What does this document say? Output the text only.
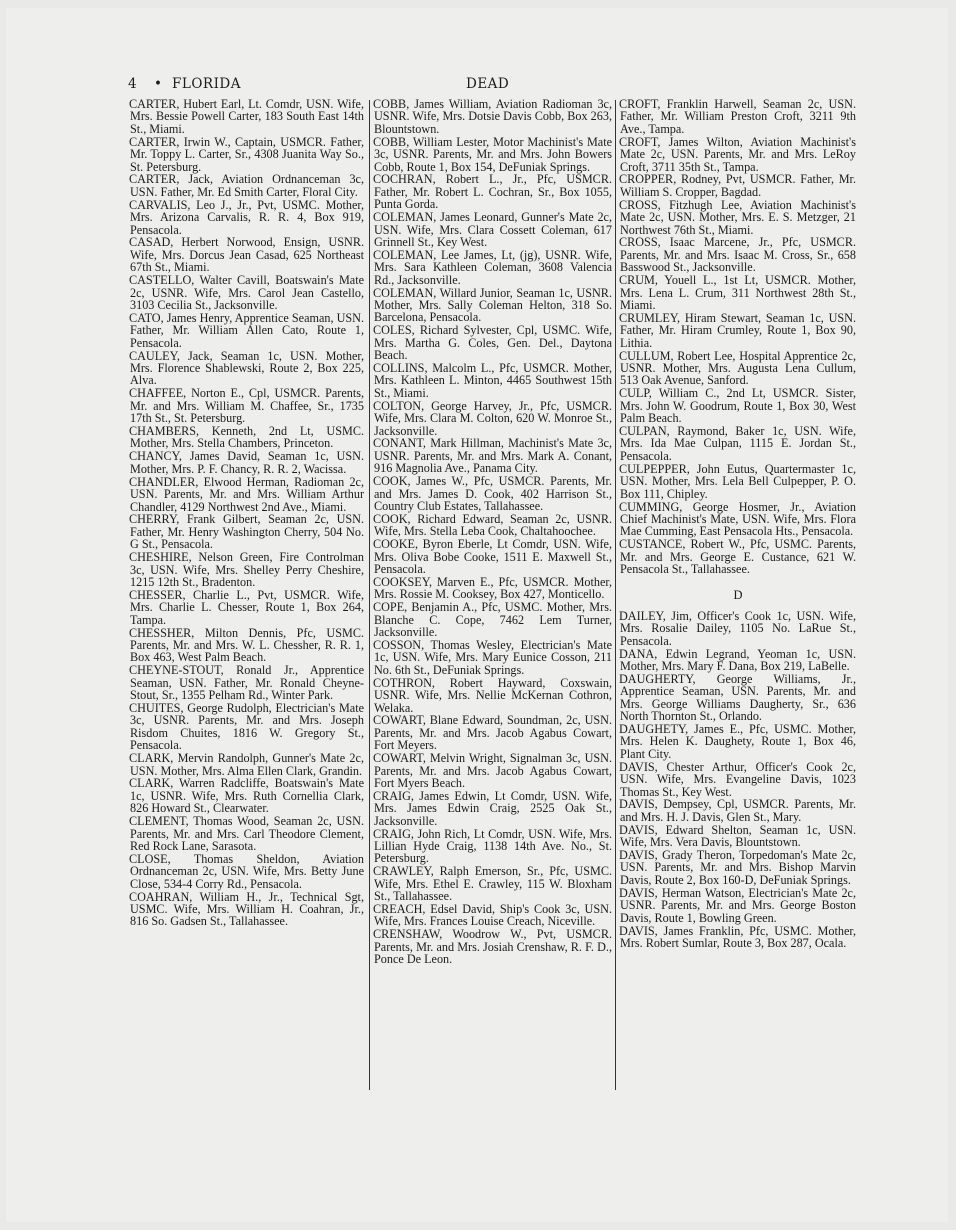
4 • FLORIDA	DEAD
CARTER, Hubert Earl, Lt. Comdr, USN. Wife, Mrs. Bessie Powell Carter, 183 South East 14th St., Miami.
CARTER, Irwin W., Captain, USMCR. Father, Mr. Toppy L. Carter, Sr., 4308 Juanita Way So., St. Petersburg.
CARTER, Jack, Aviation Ordnanceman 3c, USN. Father, Mr. Ed Smith Carter, Floral City.
CARVALIS, Leo J., Jr., Pvt, USMC. Mother, Mrs. Arizona Carvalis, R. R. 4, Box 919, Pensacola.
CASAD, Herbert Norwood, Ensign, USNR. Wife, Mrs. Dorcus Jean Casad, 625 Northeast 67th St., Miami.
CASTELLO, Walter Cavill, Boatswain's Mate 2c, USNR. Wife, Mrs. Carol Jean Castello, 3103 Cecilia St., Jacksonville.
CATO, James Henry, Apprentice Seaman, USN. Father, Mr. William Allen Cato, Route 1, Pensacola.
CAULEY, Jack, Seaman 1c, USN. Mother, Mrs. Florence Shablewski, Route 2, Box 225, Alva.
CHAFFEE, Norton E., Cpl, USMCR. Parents, Mr. and Mrs. William M. Chaffee, Sr., 1735 17th St., St. Petersburg.
CHAMBERS, Kenneth, 2nd Lt, USMC. Mother, Mrs. Stella Chambers, Princeton.
CHANCY, James David, Seaman 1c, USN. Mother, Mrs. P. F. Chancy, R. R. 2, Wacissa.
CHANDLER, Elwood Herman, Radioman 2c, USN. Parents, Mr. and Mrs. William Arthur Chandler, 4129 Northwest 2nd Ave., Miami.
CHERRY, Frank Gilbert, Seaman 2c, USN. Father, Mr. Henry Washington Cherry, 504 No. G St., Pensacola.
CHESHIRE, Nelson Green, Fire Controlman 3c, USN. Wife, Mrs. Shelley Perry Cheshire, 1215 12th St., Bradenton.
CHESSER, Charlie L., Pvt, USMCR. Wife, Mrs. Charlie L. Chesser, Route 1, Box 264, Tampa.
CHESSHER, Milton Dennis, Pfc, USMC. Parents, Mr. and Mrs. W. L. Chessher, R. R. 1, Box 463, West Palm Beach.
CHEYNE-STOUT, Ronald Jr., Apprentice Seaman, USN. Father, Mr. Ronald Cheyne-Stout, Sr., 1355 Pelham Rd., Winter Park.
CHUITES, George Rudolph, Electrician's Mate 3c, USNR. Parents, Mr. and Mrs. Joseph Risdom Chuites, 1816 W. Gregory St., Pensacola.
CLARK, Mervin Randolph, Gunner's Mate 2c, USN. Mother, Mrs. Alma Ellen Clark, Grandin.
CLARK, Warren Radcliffe, Boatswain's Mate 1c, USNR. Wife, Mrs. Ruth Cornellia Clark, 826 Howard St., Clearwater.
CLEMENT, Thomas Wood, Seaman 2c, USN. Parents, Mr. and Mrs. Carl Theodore Clement, Red Rock Lane, Sarasota.
CLOSE, Thomas Sheldon, Aviation Ordnanceman 2c, USN. Wife, Mrs. Betty June Close, 534-4 Corry Rd., Pensacola.
COAHRAN, William H., Jr., Technical Sgt, USMC. Wife, Mrs. William H. Coahran, Jr., 816 So. Gadsen St., Tallahassee.
COBB, James William, Aviation Radioman 3c, USNR. Wife, Mrs. Dotsie Davis Cobb, Box 263, Blountstown.
COBB, William Lester, Motor Machinist's Mate 3c, USNR. Parents, Mr. and Mrs. John Bowers Cobb, Route 1, Box 154, DeFuniak Springs.
COCHRAN, Robert L., Jr., Pfc, USMCR. Father, Mr. Robert L. Cochran, Sr., Box 1055, Punta Gorda.
COLEMAN, James Leonard, Gunner's Mate 2c, USN. Wife, Mrs. Clara Cossett Coleman, 617 Grinnell St., Key West.
COLEMAN, Lee James, Lt, (jg), USNR. Wife, Mrs. Sara Kathleen Coleman, 3608 Valencia Rd., Jacksonville.
COLEMAN, Willard Junior, Seaman 1c, USNR. Mother, Mrs. Sally Coleman Helton, 318 So. Barcelona, Pensacola.
COLES, Richard Sylvester, Cpl, USMC. Wife, Mrs. Martha G. Coles, Gen. Del., Daytona Beach.
COLLINS, Malcolm L., Pfc, USMCR. Mother, Mrs. Kathleen L. Minton, 4465 Southwest 15th St., Miami.
COLTON, George Harvey, Jr., Pfc, USMCR. Wife, Mrs. Clara M. Colton, 620 W. Monroe St., Jacksonville.
CONANT, Mark Hillman, Machinist's Mate 3c, USNR. Parents, Mr. and Mrs. Mark A. Conant, 916 Magnolia Ave., Panama City.
COOK, James W., Pfc, USMCR. Parents, Mr. and Mrs. James D. Cook, 402 Harrison St., Country Club Estates, Tallahassee.
COOK, Richard Edward, Seaman 2c, USNR. Wife, Mrs. Stella Leba Cook, Chaltahoochee.
COOKE, Byron Eberle, Lt Comdr, USN. Wife, Mrs. Oliva Bobe Cooke, 1511 E. Maxwell St., Pensacola.
COOKSEY, Marven E., Pfc, USMCR. Mother, Mrs. Rossie M. Cooksey, Box 427, Monticello.
COPE, Benjamin A., Pfc, USMC. Mother, Mrs. Blanche C. Cope, 7462 Lem Turner, Jacksonville.
COSSON, Thomas Wesley, Electrician's Mate 1c, USN. Wife, Mrs. Mary Eunice Cosson, 211 No. 6th St., DeFuniak Springs.
COTHRON, Robert Hayward, Coxswain, USNR. Wife, Mrs. Nellie McKernan Cothron, Welaka.
COWART, Blane Edward, Soundman, 2c, USN. Parents, Mr. and Mrs. Jacob Agabus Cowart, Fort Meyers.
COWART, Melvin Wright, Signalman 3c, USN. Parents, Mr. and Mrs. Jacob Agabus Cowart, Fort Myers Beach.
CRAIG, James Edwin, Lt Comdr, USN. Wife, Mrs. James Edwin Craig, 2525 Oak St., Jacksonville.
CRAIG, John Rich, Lt Comdr, USN. Wife, Mrs. Lillian Hyde Craig, 1138 14th Ave. No., St. Petersburg.
CRAWLEY, Ralph Emerson, Sr., Pfc, USMC. Wife, Mrs. Ethel E. Crawley, 115 W. Bloxham St., Tallahassee.
CREACH, Edsel David, Ship's Cook 3c, USN. Wife, Mrs. Frances Louise Creach, Niceville.
CRENSHAW, Woodrow W., Pvt, USMCR. Parents, Mr. and Mrs. Josiah Crenshaw, R. F. D., Ponce De Leon.
CROFT, Franklin Harwell, Seaman 2c, USN. Father, Mr. William Preston Croft, 3211 9th Ave., Tampa.
CROFT, James Wilton, Aviation Machinist's Mate 2c, USN. Parents, Mr. and Mrs. LeRoy Croft, 3711 35th St., Tampa.
CROPPER, Rodney, Pvt, USMCR. Father, Mr. William S. Cropper, Bagdad.
CROSS, Fitzhugh Lee, Aviation Machinist's Mate 2c, USN. Mother, Mrs. E. S. Metzger, 21 Northwest 76th St., Miami.
CROSS, Isaac Marcene, Jr., Pfc, USMCR. Parents, Mr. and Mrs. Isaac M. Cross, Sr., 658 Basswood St., Jacksonville.
CRUM, Youell L., 1st Lt, USMCR. Mother, Mrs. Lena L. Crum, 311 Northwest 28th St., Miami.
CRUMLEY, Hiram Stewart, Seaman 1c, USN. Father, Mr. Hiram Crumley, Route 1, Box 90, Lithia.
CULLUM, Robert Lee, Hospital Apprentice 2c, USNR. Mother, Mrs. Augusta Lena Cullum, 513 Oak Avenue, Sanford.
CULP, William C., 2nd Lt, USMCR. Sister, Mrs. John W. Goodrum, Route 1, Box 30, West Palm Beach.
CULPAN, Raymond, Baker 1c, USN. Wife, Mrs. Ida Mae Culpan, 1115 E. Jordan St., Pensacola.
CULPEPPER, John Eutus, Quartermaster 1c, USN. Mother, Mrs. Lela Bell Culpepper, P. O. Box 111, Chipley.
CUMMING, George Hosmer, Jr., Aviation Chief Machinist's Mate, USN. Wife, Mrs. Flora Mae Cumming, East Pensacola Hts., Pensacola.
CUSTANCE, Robert W., Pfc, USMC. Parents, Mr. and Mrs. George E. Custance, 621 W. Pensacola St., Tallahassee.
D
DAILEY, Jim, Officer's Cook 1c, USN. Wife, Mrs. Rosalie Dailey, 1105 No. LaRue St., Pensacola.
DANA, Edwin Legrand, Yeoman 1c, USN. Mother, Mrs. Mary F. Dana, Box 219, LaBelle.
DAUGHERTY, George Williams, Jr., Apprentice Seaman, USN. Parents, Mr. and Mrs. George Williams Daugherty, Sr., 636 North Thornton St., Orlando.
DAUGHETY, James E., Pfc, USMC. Mother, Mrs. Helen K. Daughety, Route 1, Box 46, Plant City.
DAVIS, Chester Arthur, Officer's Cook 2c, USN. Wife, Mrs. Evangeline Davis, 1023 Thomas St., Key West.
DAVIS, Dempsey, Cpl, USMCR. Parents, Mr. and Mrs. H. J. Davis, Glen St., Mary.
DAVIS, Edward Shelton, Seaman 1c, USN. Wife, Mrs. Vera Davis, Blountstown.
DAVIS, Grady Theron, Torpedoman's Mate 2c, USN. Parents, Mr. and Mrs. Bishop Marvin Davis, Route 2, Box 160-D, DeFuniak Springs.
DAVIS, Herman Watson, Electrician's Mate 2c, USNR. Parents, Mr. and Mrs. George Boston Davis, Route 1, Bowling Green.
DAVIS, James Franklin, Pfc, USMC. Mother, Mrs. Robert Sumlar, Route 3, Box 287, Ocala.
